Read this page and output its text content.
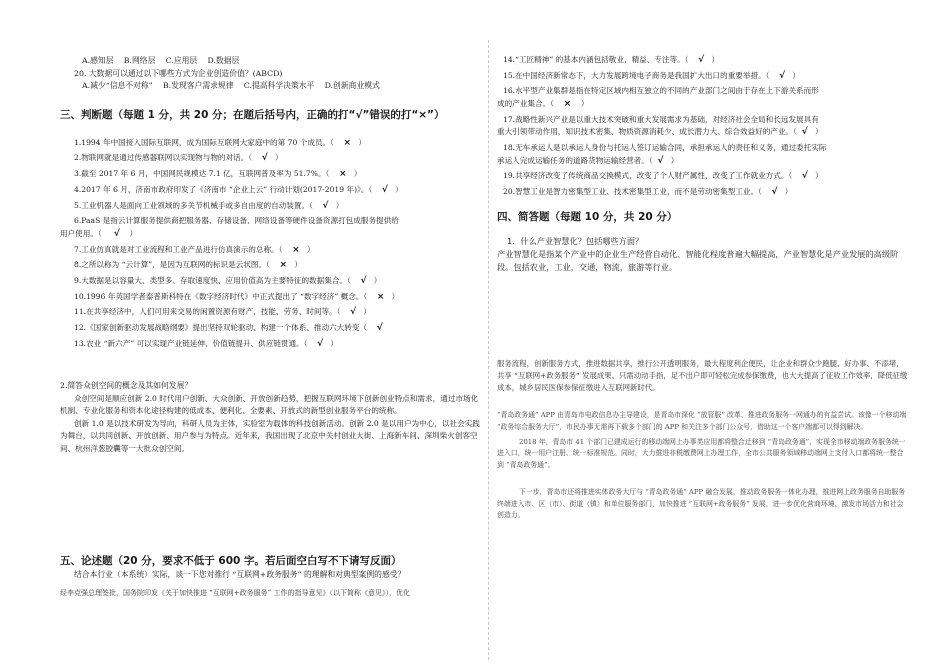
A.感知层　 B.网络层　 C.应用层　 D.数据层
20. 大数据可以通过以下哪些方式为企业创造价值？(ABCD)
A.减少“信息不对称”　 B.发现客户需求规律　 C.提高科学决策水平　 D.创新商业模式
三、判断题（每题 1 分，共 20 分；在题后括号内，正确的打“√”错误的打“×”）
1.1994 年中国接入国际互联网，成为国际互联网大家庭中的第 70 个成员。（ × ）
2.物联网就是通过传感器联网以实现物与物的对话。（ √ ）
3.截至 2017 年 6 月，中国网民规模达 7.1 亿，互联网普及率为 51.7%。（ × ）
4.2017 年 6 月，济南市政府印发了《济南市 “企业上云” 行动计划(2017-2019 年)》。（ √ ）
5.工业机器人是面向工业领域的多关节机械手或多自由度的自动装置。（ √ ）
6.PaaS 是指云计算服务提供商把服务器、存储设备、网络设备等硬件设备资源打包成服务提供给
用户使用。（ √ ）
7.工业仿真就是对工业流程和工业产品进行仿真演示的总称。（ × ）
8.之所以称为 “云计算”，是因为互联网的标识是云状图。（ × ）
9.大数据是以容量大、类型多、存取速度快、应用价值高为主要特征的数据集合。（ √ ）
10.1996 年英国学者泰普斯科特在《数字经济时代》中正式提出了 “数字经济” 概念。（ × ）
11.在共享经济中，人们可用来交易的闲置资源有财产、技能、劳务、时间等。（ √ ）
12.《国家创新驱动发展战略纲要》提出坚持双轮驱动、构建一个体系、推动六大转变（ √
13.农业 “新六产” 可以实现产业链延伸、价值链提升、供应链贯通。（ √ ）
2.简答众创空间的概念及其如何发展？
众创空间是顺应创新 2.0 时代用户创新、大众创新、开放创新趋势，把握互联网环境下创新创业特点和需求，通过市场化机制、专业化服务和资本化途径构建的低成本、便利化、全要素、开放式的新型创业服务平台的统称。
创新 1.0 是以技术研发为导向，科研人员为主体，实验室为载体的科技创新活动。创新 2.0 是以用户为中心，以社会实践为舞台，以共同创新、开放创新、用户参与为特点。近年来，我国出现了北京中关村创业大街、上海新车间、深圳柴火创客空间、杭州洋葱胶囊等一大批众创空间。
五、论述题（20 分，要求不低于 600 字。若后面空白写不下请写反面）
结合本行业（本系统）实际，谈一下您对推行 “互联网+政务服务” 的理解和对典型案例的感受？
经李克强总理签批，国务院印发《关于加快推进 “互联网+政务服务” 工作的指导意见》（以下简称《意见》），优化
14.“工匠精神” 的基本内涵包括敬业、精益、专注等。（ √ ）
15.在中国经济新常态下，大力发展跨境电子商务是我国扩大出口的重要举措。（ √ ）
16.水平型产业集群是指在特定区域内相互独立的不同的产业部门之间由于存在上下游关系而形
成的产业集合。（ × ）
17.战略性新兴产业是以重大技术突破和重大发展需求为基础，对经济社会全局和长远发展具有
重大引领带动作用，知识技术密集、物质资源消耗少、成长潜力大、综合效益好的产业。（ √ ）
18.无车承运人是以承运人身份与托运人签订运输合同，承担承运人的责任和义务，通过委托实际
承运人完成运输任务的道路货物运输经营者。（ √ ）
19.共享经济改变了传统商品交换模式，改变了个人财产属性，改变了工作就业方式。（ √ ）
20.智慧工业是智力密集型工业、技术密集型工业，而不是劳动密集型工业。（ √ ）
四、简答题（每题 10 分，共 20 分）
1．什么产业智慧化？包括哪些方面？
产业智慧化是指某个产业中的企业生产经营自动化、智能化程度普遍大幅提高，产业智慧化是产业发展的高级阶段。包括农业，工业，交通，物流，旅游等行业。
服务流程，创新服务方式，推进数据共享，推行公开透明服务，最大程度利企便民，让企业和群众少跑腿、好办事、不添堵，共享 “互联网+政务服务” 发展成果。只需动动手指，足不出户即可轻松完成参保缴费，也大大提高了征收工作效率，降低征缴成本，城乡居民医保参保征缴进入互联网新时代。
“青岛政务通” APP 由青岛市电政信息办主导建设，是青岛市深化 “放管服” 改革、推进政务服务一网通办的有益尝试。该像一个移动端 “政务综合服务大厅”，市民办事无需再下载多个部门的 APP 和关注多个部门公众号，借助这一个客户端都可以得到解决。
2018 年，青岛市 41 个部门已建成运行的移动端网上办事类应用都将整合迁移到 “青岛政务通”，实现全市移动端政务服务统一进入口，统一用户注册、统一标准规范。同时，大力推进非税缴费网上办理工作，全市公共服务领域移动端网上支付入口都将统一整合到 “青岛政务通”。
下一步，青岛市还将推进实体政务大厅与 “青岛政务通” APP 融合发展，推动政务服务一体化办理，推进网上政务服务自助服务终端进入市、区（市）、街道（镇）和单位服务部门，加快推进 “互联网+政务服务” 发展，进一步优化营商环境，激发市场活力和社会创造力。
